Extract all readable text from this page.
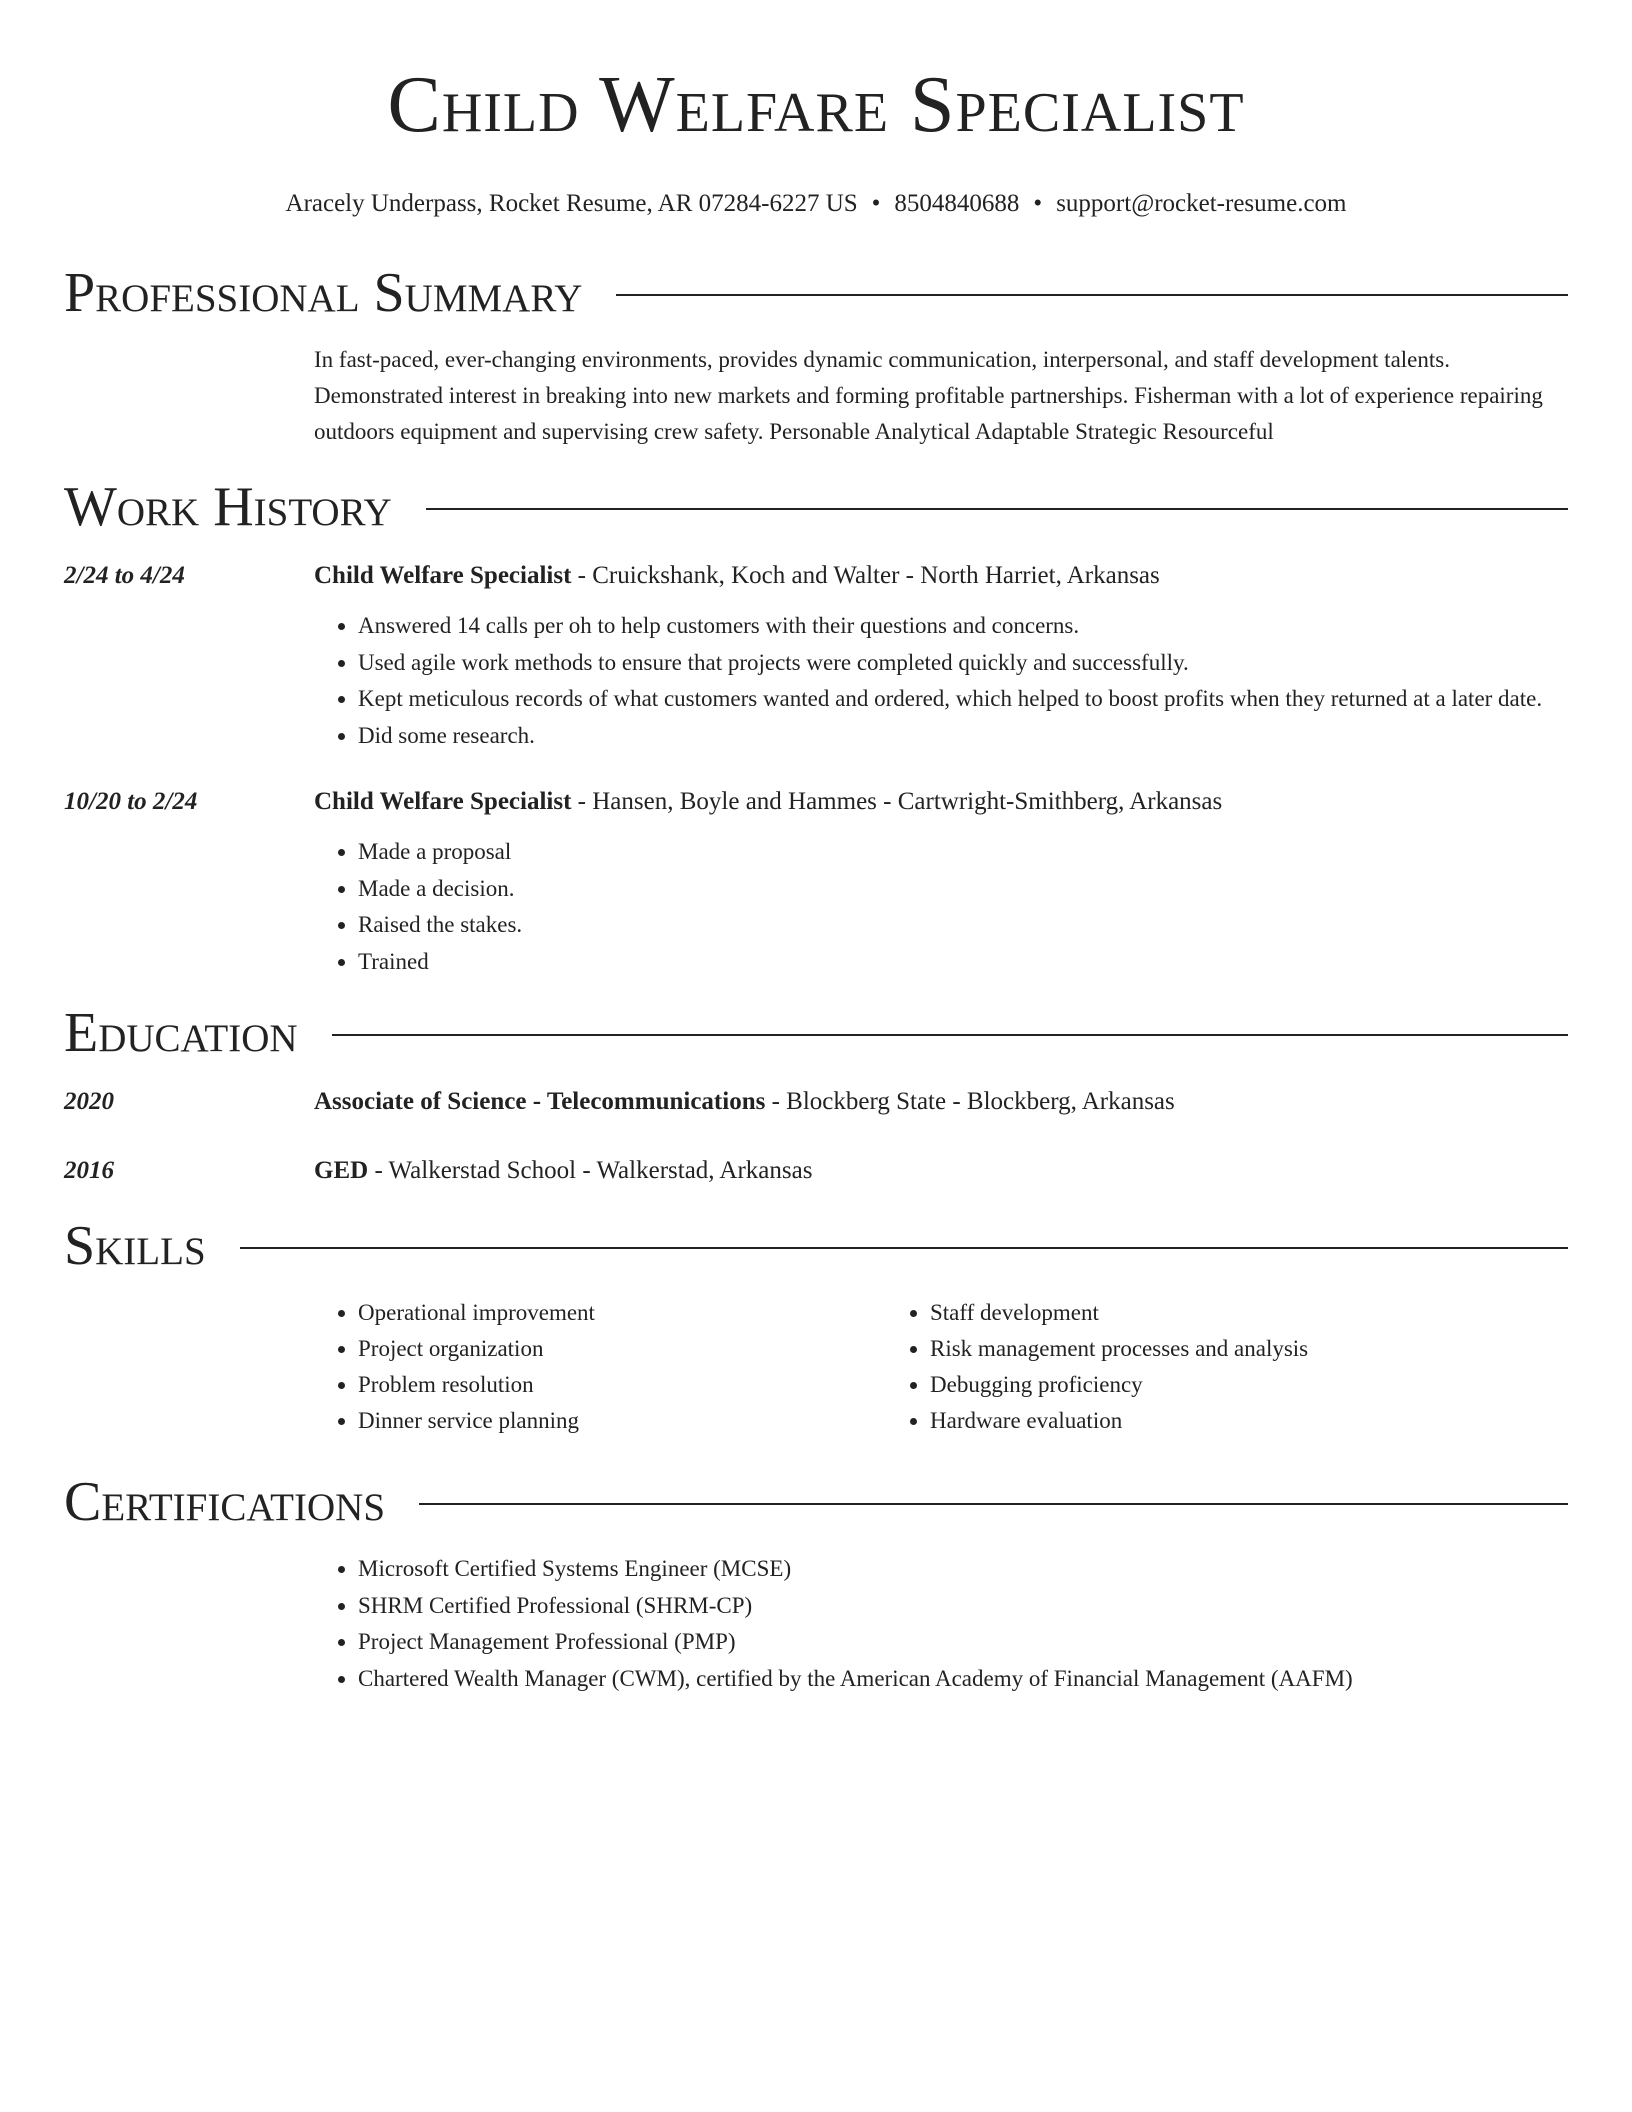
Child Welfare Specialist
Aracely Underpass, Rocket Resume, AR 07284-6227 US • 8504840688 • support@rocket-resume.com
Professional Summary
In fast-paced, ever-changing environments, provides dynamic communication, interpersonal, and staff development talents. Demonstrated interest in breaking into new markets and forming profitable partnerships. Fisherman with a lot of experience repairing outdoors equipment and supervising crew safety. Personable Analytical Adaptable Strategic Resourceful
Work History
2/24 to 4/24	Child Welfare Specialist - Cruickshank, Koch and Walter - North Harriet, Arkansas
• Answered 14 calls per oh to help customers with their questions and concerns.
• Used agile work methods to ensure that projects were completed quickly and successfully.
• Kept meticulous records of what customers wanted and ordered, which helped to boost profits when they returned at a later date.
• Did some research.
10/20 to 2/24	Child Welfare Specialist - Hansen, Boyle and Hammes - Cartwright-Smithberg, Arkansas
• Made a proposal
• Made a decision.
• Raised the stakes.
• Trained
Education
2020	Associate of Science - Telecommunications - Blockberg State - Blockberg, Arkansas
2016	GED - Walkerstad School - Walkerstad, Arkansas
Skills
• Operational improvement
• Project organization
• Problem resolution
• Dinner service planning
• Staff development
• Risk management processes and analysis
• Debugging proficiency
• Hardware evaluation
Certifications
• Microsoft Certified Systems Engineer (MCSE)
• SHRM Certified Professional (SHRM-CP)
• Project Management Professional (PMP)
• Chartered Wealth Manager (CWM), certified by the American Academy of Financial Management (AAFM)
